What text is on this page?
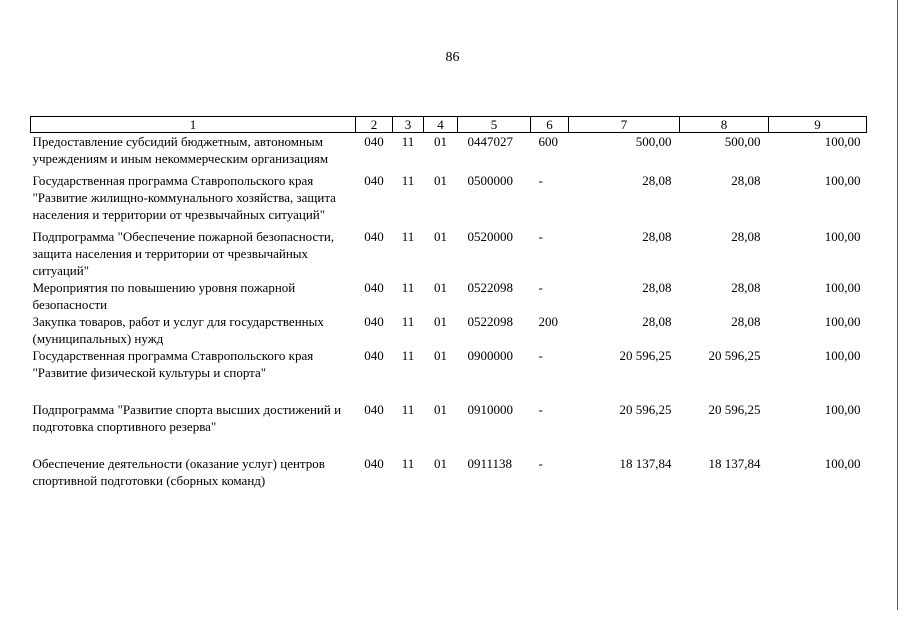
86
1	2	3	4	5	6	7	8	9
Предоставление субсидий бюджетным, автономным учреждениям и иным некоммерческим организациям	040	11	01	0447027	600	500,00	500,00	100,00
Государственная программа Ставропольского края "Развитие жилищно-коммунального хозяйства, защита населения и территории от чрезвычайных ситуаций"	040	11	01	0500000	-	28,08	28,08	100,00
Подпрограмма "Обеспечение пожарной безопасности, защита населения и территории от чрезвычайных ситуаций"	040	11	01	0520000	-	28,08	28,08	100,00
Мероприятия по повышению уровня пожарной безопасности	040	11	01	0522098	-	28,08	28,08	100,00
Закупка товаров, работ и услуг для государственных (муниципальных) нужд	040	11	01	0522098	200	28,08	28,08	100,00
Государственная программа Ставропольского края "Развитие физической культуры и спорта"	040	11	01	0900000	-	20 596,25	20 596,25	100,00
Подпрограмма "Развитие спорта высших достижений и подготовка спортивного резерва"	040	11	01	0910000	-	20 596,25	20 596,25	100,00
Обеспечение деятельности (оказание услуг) центров спортивной подготовки (сборных команд)	040	11	01	0911138	-	18 137,84	18 137,84	100,00
